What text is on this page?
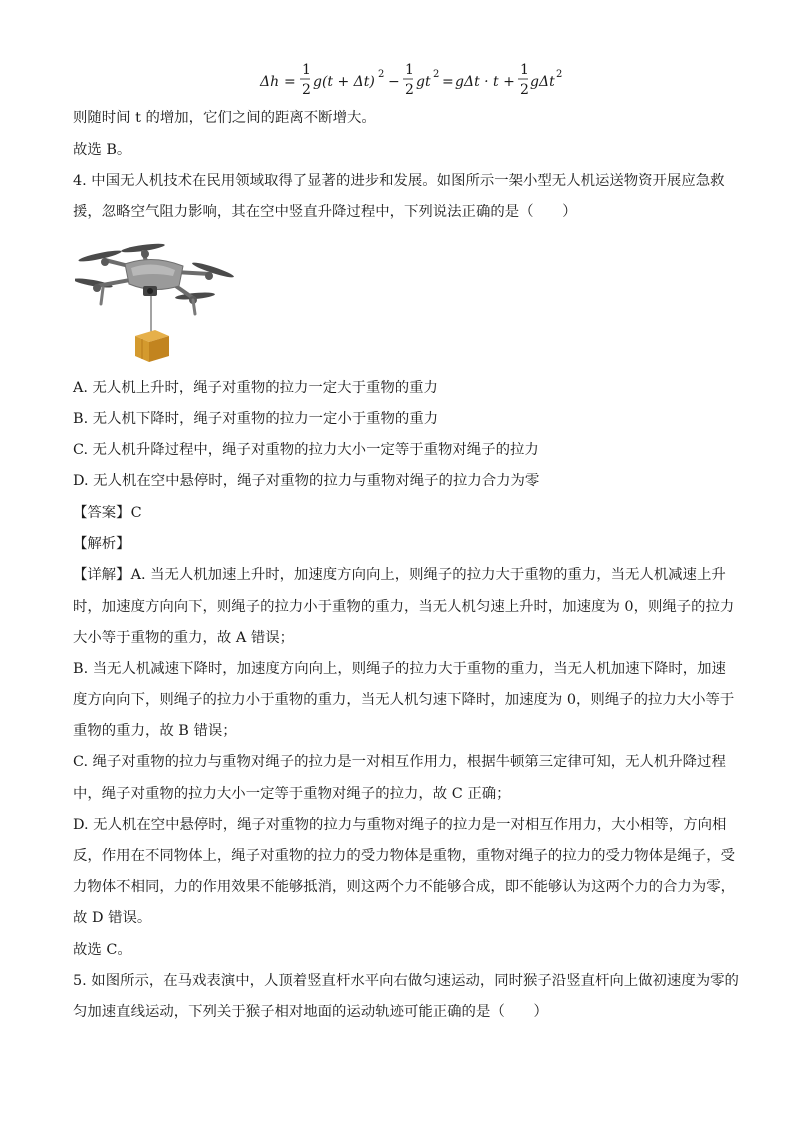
Δh =
1
2 g(t + Δt) 2 −
1
2 gt 2 = gΔt · t +
1
2 gΔt 2
则随时间 t 的增加，它们之间的距离不断增大。
故选 B。
4. 中国无人机技术在民用领域取得了显著的进步和发展。如图所示一架小型无人机运送物资开展应急救
援，忽略空气阻力影响，其在空中竖直升降过程中，下列说法正确的是（　　）
A. 无人机上升时，绳子对重物的拉力一定大于重物的重力
B. 无人机下降时，绳子对重物的拉力一定小于重物的重力
C. 无人机升降过程中，绳子对重物的拉力大小一定等于重物对绳子的拉力
D. 无人机在空中悬停时，绳子对重物的拉力与重物对绳子的拉力合力为零
【答案】C
【解析】
【详解】A. 当无人机加速上升时，加速度方向向上，则绳子的拉力大于重物的重力，当无人机减速上升
时，加速度方向向下，则绳子的拉力小于重物的重力，当无人机匀速上升时，加速度为 0，则绳子的拉力
大小等于重物的重力，故 A 错误；
B. 当无人机减速下降时，加速度方向向上，则绳子的拉力大于重物的重力，当无人机加速下降时，加速
度方向向下，则绳子的拉力小于重物的重力，当无人机匀速下降时，加速度为 0，则绳子的拉力大小等于
重物的重力，故 B 错误；
C. 绳子对重物的拉力与重物对绳子的拉力是一对相互作用力，根据牛顿第三定律可知，无人机升降过程
中，绳子对重物的拉力大小一定等于重物对绳子的拉力，故 C 正确；
D. 无人机在空中悬停时，绳子对重物的拉力与重物对绳子的拉力是一对相互作用力，大小相等，方向相
反，作用在不同物体上，绳子对重物的拉力的受力物体是重物，重物对绳子的拉力的受力物体是绳子，受
力物体不相同，力的作用效果不能够抵消，则这两个力不能够合成，即不能够认为这两个力的合力为零，
故 D 错误。
故选 C。
5. 如图所示，在马戏表演中，人顶着竖直杆水平向右做匀速运动，同时猴子沿竖直杆向上做初速度为零的
匀加速直线运动，下列关于猴子相对地面的运动轨迹可能正确的是（　　）
